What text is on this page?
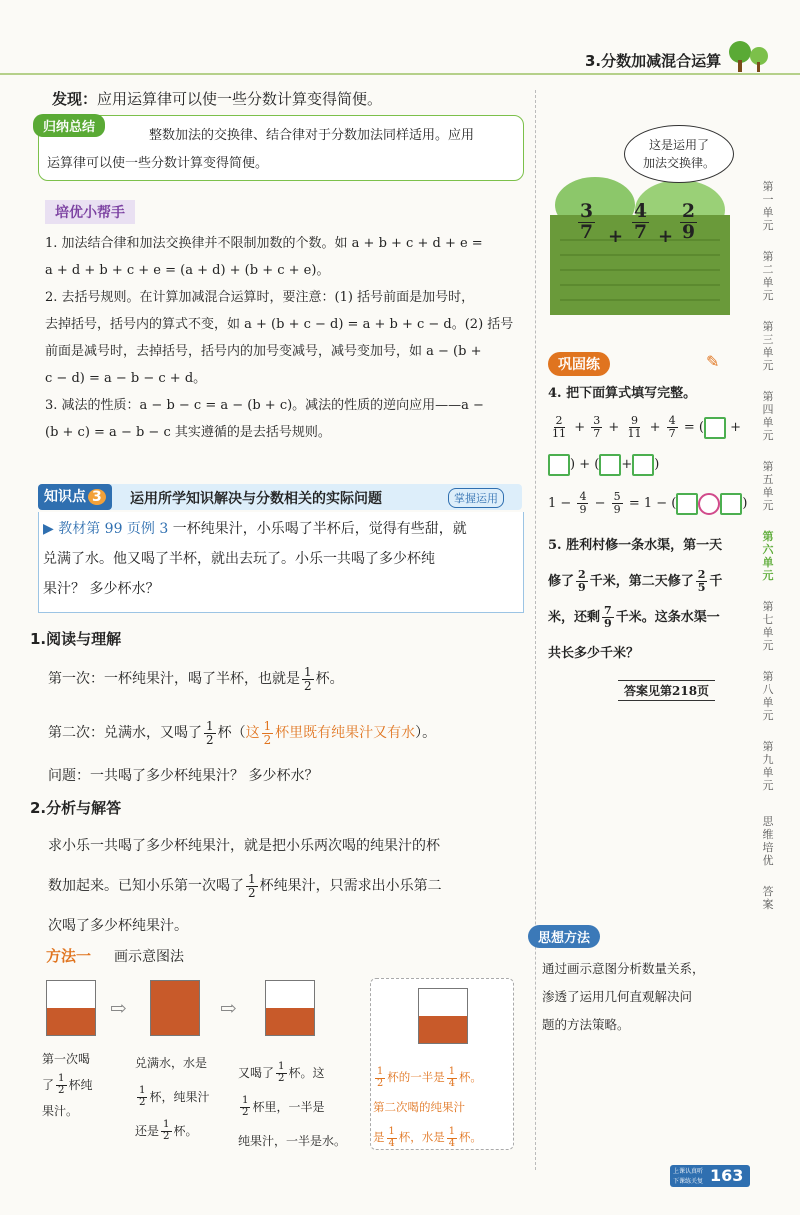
3.分数加减混合运算
发现：应用运算律可以使一些分数计算变得简便。
归纳总结
整数加法的交换律、结合律对于分数加法同样适用。应用
运算律可以使一些分数计算变得简便。
培优小帮手
1. 加法结合律和加法交换律并不限制加数的个数。如 a + b + c + d + e =
a + d + b + c + e = (a + d) + (b + c + e)。
2. 去括号规则。在计算加减混合运算时，要注意：(1) 括号前面是加号时，
去掉括号，括号内的算式不变，如 a + (b + c − d) = a + b + c − d。(2) 括号
前面是减号时，去掉括号，括号内的加号变减号，减号变加号，如 a − (b +
c − d) = a − b − c + d。
3. 减法的性质：a − b − c = a − (b + c)。减法的性质的逆向应用——a −
(b + c) = a − b − c 其实遵循的是去括号规则。
知识点 3	运用所学知识解决与分数相关的实际问题	掌握运用
▶ 教材第 99 页例 3 一杯纯果汁，小乐喝了半杯后，觉得有些甜，就
兑满了水。他又喝了半杯，就出去玩了。小乐一共喝了多少杯纯
果汁？ 多少杯水？
1.阅读与理解
第一次：一杯纯果汁，喝了半杯，也就是 $\frac{1}{2}$ 杯。
第二次：兑满水，又喝了 $\frac{1}{2}$ 杯（这 $\frac{1}{2}$ 杯里既有纯果汁又有水）。
问题：一共喝了多少杯纯果汁？ 多少杯水？
2.分析与解答
求小乐一共喝了多少杯纯果汁，就是把小乐两次喝的纯果汁的杯
数加起来。已知小乐第一次喝了 $\frac{1}{2}$ 杯纯果汁，只需求出小乐第二
次喝了多少杯纯果汁。
方法一 画示意图法
⇨	⇨
第一次喝
了 $\frac{1}{2}$ 杯纯
果汁。
兑满水，水是
$\frac{1}{2}$ 杯，纯果汁
还是 $\frac{1}{2}$ 杯。
又喝了 $\frac{1}{2}$ 杯。这
$\frac{1}{2}$ 杯里，一半是
纯果汁，一半是水。
$\frac{1}{2}$ 杯的一半是 $\frac{1}{4}$ 杯。
第二次喝的纯果汁
是 $\frac{1}{4}$ 杯，水是 $\frac{1}{4}$ 杯。
$\frac{3}{7} + \frac{4}{7} + \frac{2}{9}$
这是运用了
加法交换律。
巩固练	✎
4. 把下面算式填写完整。
$\frac{2}{11} + \frac{3}{7} + \frac{9}{11} + \frac{4}{7}$ = ( +
) + ( + )
$1 - \frac{4}{9} - \frac{5}{9} = 1$ − (	)
5. 胜利村修一条水渠，第一天
修了 $\frac{2}{9}$ 千米，第二天修了 $\frac{2}{5}$ 千
米，还剩 $\frac{7}{9}$ 千米。这条水渠一
共长多少千米？
答案见第218页
思想方法
通过画示意图分析数量关系，
渗透了运用几何直观解决问
题的方法策略。
第
一
单
元
第
二
单
元
第
三
单
元
第
四
单
元
第
五
单
元
第
六
单
元
第
七
单
元
第
八
单
元
第
九
单
元
思
维
培
优
答
案
上课认真听
下课练关复 163
